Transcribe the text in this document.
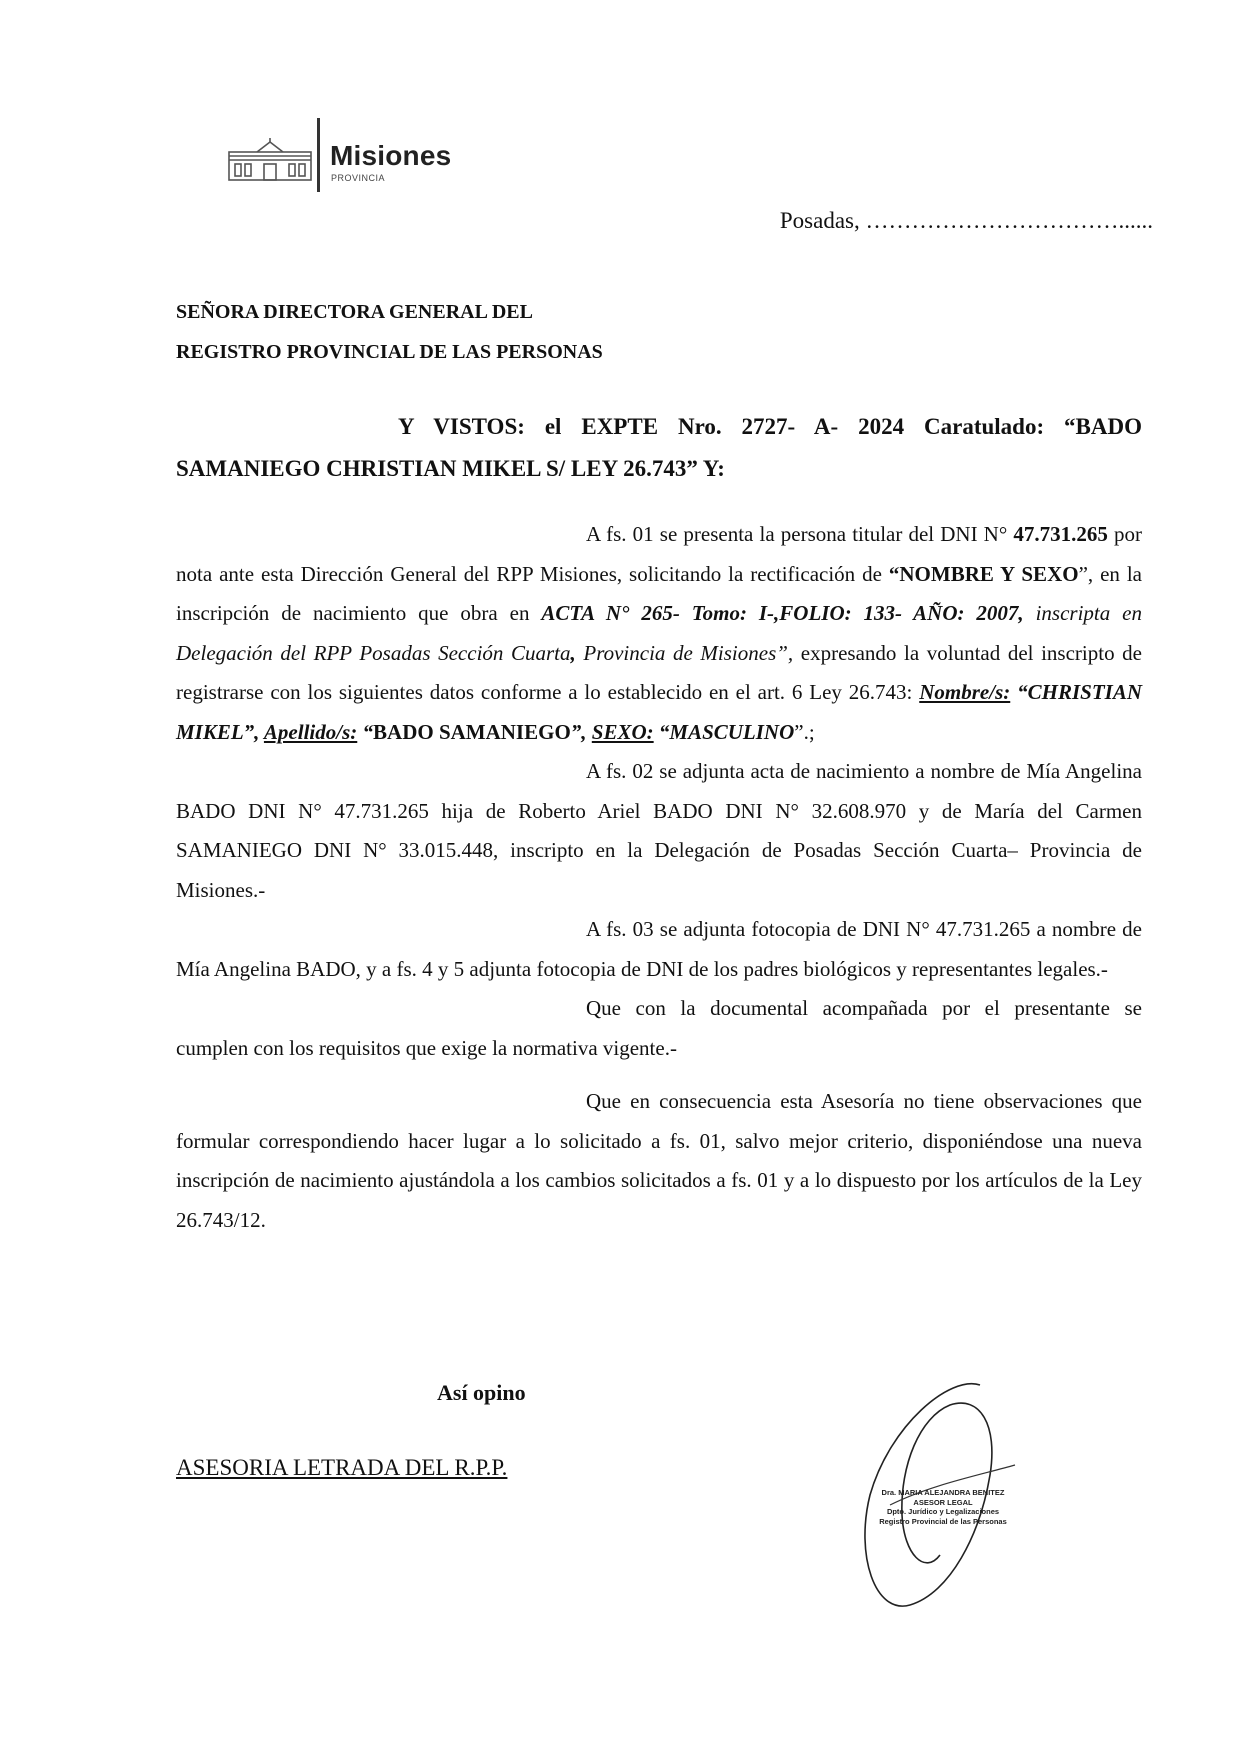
Misiones
PROVINCIA
Posadas, ……………………………......
SEÑORA DIRECTORA GENERAL DEL
REGISTRO PROVINCIAL DE LAS PERSONAS
Y VISTOS: el EXPTE Nro. 2727- A- 2024 Caratulado: “BADO
SAMANIEGO CHRISTIAN MIKEL S/ LEY 26.743” Y:

A fs. 01 se presenta la persona titular del DNI N° 47.731.265 por nota ante esta Dirección General del RPP Misiones, solicitando la rectificación de “NOMBRE Y SEXO”, en la inscripción de nacimiento que obra en ACTA N° 265- Tomo: I-,FOLIO: 133- AÑO: 2007, inscripta en Delegación del RPP Posadas Sección Cuarta, Provincia de Misiones”, expresando la voluntad del inscripto de registrarse con los siguientes datos conforme a lo establecido en el art. 6 Ley 26.743: Nombre/s: “CHRISTIAN MIKEL”, Apellido/s: “BADO SAMANIEGO”, SEXO: “MASCULINO”.;

A fs. 02 se adjunta acta de nacimiento a nombre de Mía Angelina BADO DNI N° 47.731.265 hija de Roberto Ariel BADO DNI N° 32.608.970 y de María del Carmen SAMANIEGO DNI N° 33.015.448, inscripto en la Delegación de Posadas Sección Cuarta– Provincia de Misiones.-

A fs. 03 se adjunta fotocopia de DNI N° 47.731.265 a nombre de Mía Angelina BADO, y a fs. 4 y 5 adjunta fotocopia de DNI de los padres biológicos y representantes legales.-

Que con la documental acompañada por el presentante se cumplen con los requisitos que exige la normativa vigente.-

Que en consecuencia esta Asesoría no tiene observaciones que formular correspondiendo hacer lugar a lo solicitado a fs. 01, salvo mejor criterio, disponiéndose una nueva inscripción de nacimiento ajustándola a los cambios solicitados a fs. 01 y a lo dispuesto por los artículos de la Ley 26.743/12.

Así opino
ASESORIA LETRADA DEL R.P.P.
Dra. MARIA ALEJANDRA BENITEZ
ASESOR LEGAL
Dpto. Jurídico y Legalizaciones
Registro Provincial de las Personas
